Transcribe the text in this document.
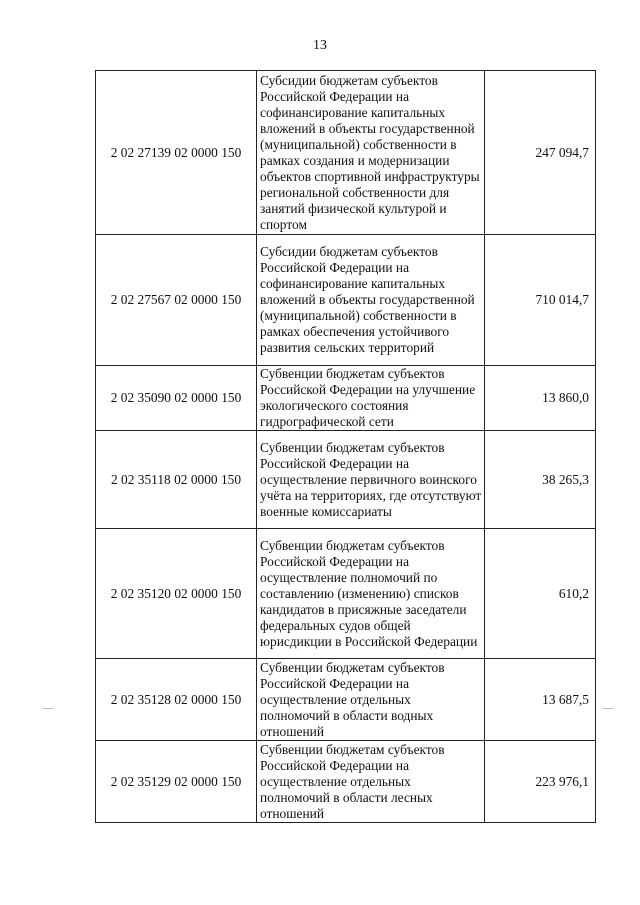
13
2 02 27139 02 0000 150	Субсидии бюджетам субъектов Российской Федерации на софинансирование капитальных вложений в объекты государственной (муниципальной) собственности в рамках создания и модернизации объектов спортивной инфраструктуры региональной собственности для занятий физической культурой и спортом	247 094,7
2 02 27567 02 0000 150	Субсидии бюджетам субъектов Российской Федерации на софинансирование капитальных вложений в объекты государственной (муниципальной) собственности в рамках обеспечения устойчивого развития сельских территорий	710 014,7
2 02 35090 02 0000 150	Субвенции бюджетам субъектов Российской Федерации на улучшение экологического состояния гидрографической сети	13 860,0
2 02 35118 02 0000 150	Субвенции бюджетам субъектов Российской Федерации на осуществление первичного воинского учёта на территориях, где отсутствуют военные комиссариаты	38 265,3
2 02 35120 02 0000 150	Субвенции бюджетам субъектов Российской Федерации на осуществление полномочий по составлению (изменению) списков кандидатов в присяжные заседатели федеральных судов общей юрисдикции в Российской Федерации	610,2
2 02 35128 02 0000 150	Субвенции бюджетам субъектов Российской Федерации на осуществление отдельных полномочий в области водных отношений	13 687,5
2 02 35129 02 0000 150	Субвенции бюджетам субъектов Российской Федерации на осуществление отдельных полномочий в области лесных отношений	223 976,1
